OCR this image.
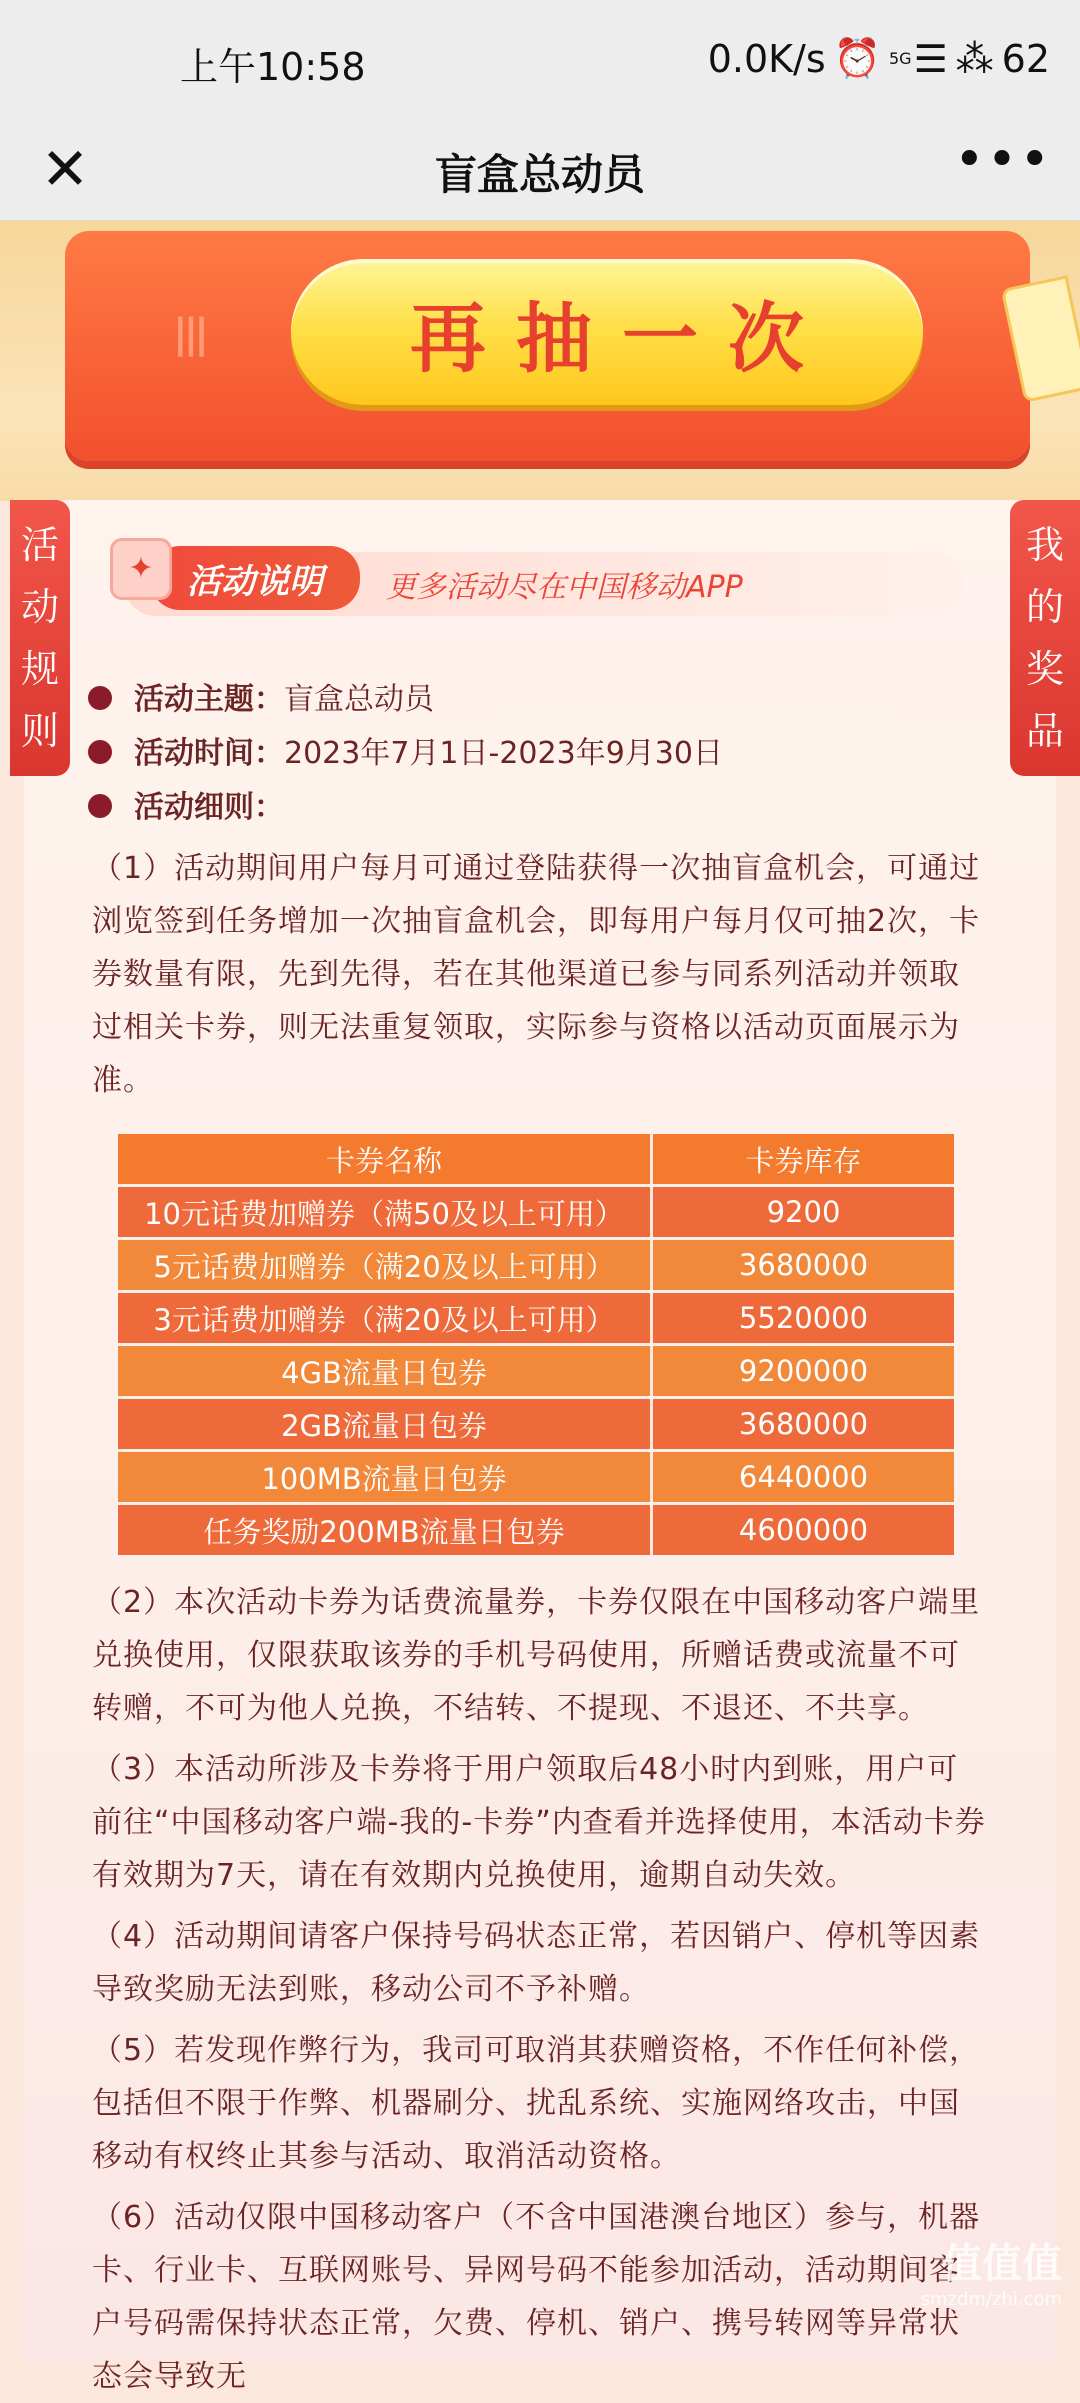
上午10:58	0.0K/s ⏰ 5G ☰ ⁂ 62
✕	盲盒总动员	•••
|||	再抽一次
活动说明
✦
更多活动尽在中国移动APP
活动主题：盲盒总动员
活动时间：2023年7月1日-2023年9月30日
活动细则：
（1）活动期间用户每月可通过登陆获得一次抽盲盒机会，可通过浏览签到任务增加一次抽盲盒机会，即每用户每月仅可抽2次，卡券数量有限，先到先得，若在其他渠道已参与同系列活动并领取过相关卡券，则无法重复领取，实际参与资格以活动页面展示为准。
卡券名称	卡券库存
10元话费加赠券（满50及以上可用）	9200
5元话费加赠券（满20及以上可用）	3680000
3元话费加赠券（满20及以上可用）	5520000
4GB流量日包券	9200000
2GB流量日包券	3680000
100MB流量日包券	6440000
任务奖励200MB流量日包券	4600000
（2）本次活动卡券为话费流量券，卡券仅限在中国移动客户端里兑换使用，仅限获取该券的手机号码使用，所赠话费或流量不可转赠，不可为他人兑换，不结转、不提现、不退还、不共享。
（3）本活动所涉及卡券将于用户领取后48小时内到账，用户可前往“中国移动客户端-我的-卡券”内查看并选择使用，本活动卡券有效期为7天，请在有效期内兑换使用，逾期自动失效。
（4）活动期间请客户保持号码状态正常，若因销户、停机等因素导致奖励无法到账，移动公司不予补赠。
（5）若发现作弊行为，我司可取消其获赠资格，不作任何补偿，包括但不限于作弊、机器刷分、扰乱系统、实施网络攻击，中国移动有权终止其参与活动、取消活动资格。
（6）活动仅限中国移动客户（不含中国港澳台地区）参与，机器卡、行业卡、互联网账号、异网号码不能参加活动，活动期间客户号码需保持状态正常，欠费、停机、销户、携号转网等异常状态会导致无
活动规则
我的奖品
值值值
smzdm/zhi.com
